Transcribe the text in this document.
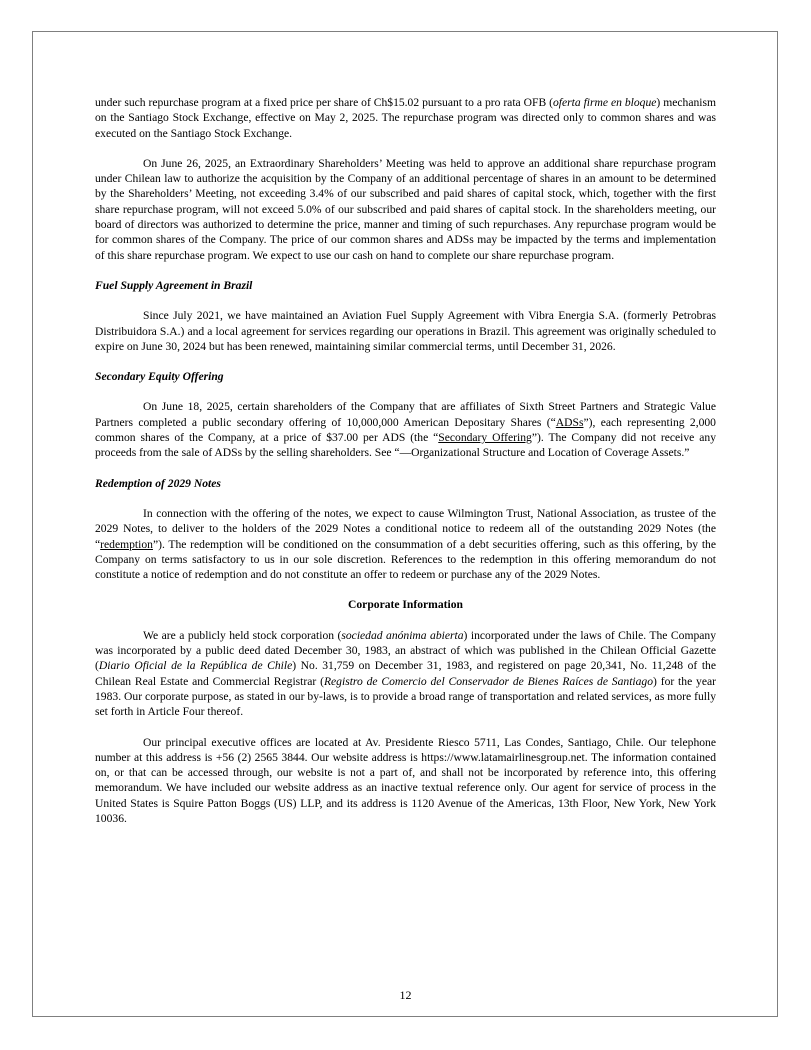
under such repurchase program at a fixed price per share of Ch$15.02 pursuant to a pro rata OFB (oferta firme en bloque) mechanism on the Santiago Stock Exchange, effective on May 2, 2025. The repurchase program was directed only to common shares and was executed on the Santiago Stock Exchange.

On June 26, 2025, an Extraordinary Shareholders’ Meeting was held to approve an additional share repurchase program under Chilean law to authorize the acquisition by the Company of an additional percentage of shares in an amount to be determined by the Shareholders’ Meeting, not exceeding 3.4% of our subscribed and paid shares of capital stock, which, together with the first share repurchase program, will not exceed 5.0% of our subscribed and paid shares of capital stock. In the shareholders meeting, our board of directors was authorized to determine the price, manner and timing of such repurchases. Any repurchase program would be for common shares of the Company. The price of our common shares and ADSs may be impacted by the terms and implementation of this share repurchase program. We expect to use our cash on hand to complete our share repurchase program.

Fuel Supply Agreement in Brazil

Since July 2021, we have maintained an Aviation Fuel Supply Agreement with Vibra Energia S.A. (formerly Petrobras Distribuidora S.A.) and a local agreement for services regarding our operations in Brazil. This agreement was originally scheduled to expire on June 30, 2024 but has been renewed, maintaining similar commercial terms, until December 31, 2026.

Secondary Equity Offering

On June 18, 2025, certain shareholders of the Company that are affiliates of Sixth Street Partners and Strategic Value Partners completed a public secondary offering of 10,000,000 American Depositary Shares (“ADSs”), each representing 2,000 common shares of the Company, at a price of $37.00 per ADS (the “Secondary Offering”). The Company did not receive any proceeds from the sale of ADSs by the selling shareholders. See “—Organizational Structure and Location of Coverage Assets.”

Redemption of 2029 Notes

In connection with the offering of the notes, we expect to cause Wilmington Trust, National Association, as trustee of the 2029 Notes, to deliver to the holders of the 2029 Notes a conditional notice to redeem all of the outstanding 2029 Notes (the “redemption”). The redemption will be conditioned on the consummation of a debt securities offering, such as this offering, by the Company on terms satisfactory to us in our sole discretion. References to the redemption in this offering memorandum do not constitute a notice of redemption and do not constitute an offer to redeem or purchase any of the 2029 Notes.

Corporate Information

We are a publicly held stock corporation (sociedad anónima abierta) incorporated under the laws of Chile. The Company was incorporated by a public deed dated December 30, 1983, an abstract of which was published in the Chilean Official Gazette (Diario Oficial de la República de Chile) No. 31,759 on December 31, 1983, and registered on page 20,341, No. 11,248 of the Chilean Real Estate and Commercial Registrar (Registro de Comercio del Conservador de Bienes Raíces de Santiago) for the year 1983. Our corporate purpose, as stated in our by-laws, is to provide a broad range of transportation and related services, as more fully set forth in Article Four thereof.

Our principal executive offices are located at Av. Presidente Riesco 5711, Las Condes, Santiago, Chile. Our telephone number at this address is +56 (2) 2565 3844. Our website address is https://www.latamairlinesgroup.net. The information contained on, or that can be accessed through, our website is not a part of, and shall not be incorporated by reference into, this offering memorandum. We have included our website address as an inactive textual reference only. Our agent for service of process in the United States is Squire Patton Boggs (US) LLP, and its address is 1120 Avenue of the Americas, 13th Floor, New York, New York 10036.

12
